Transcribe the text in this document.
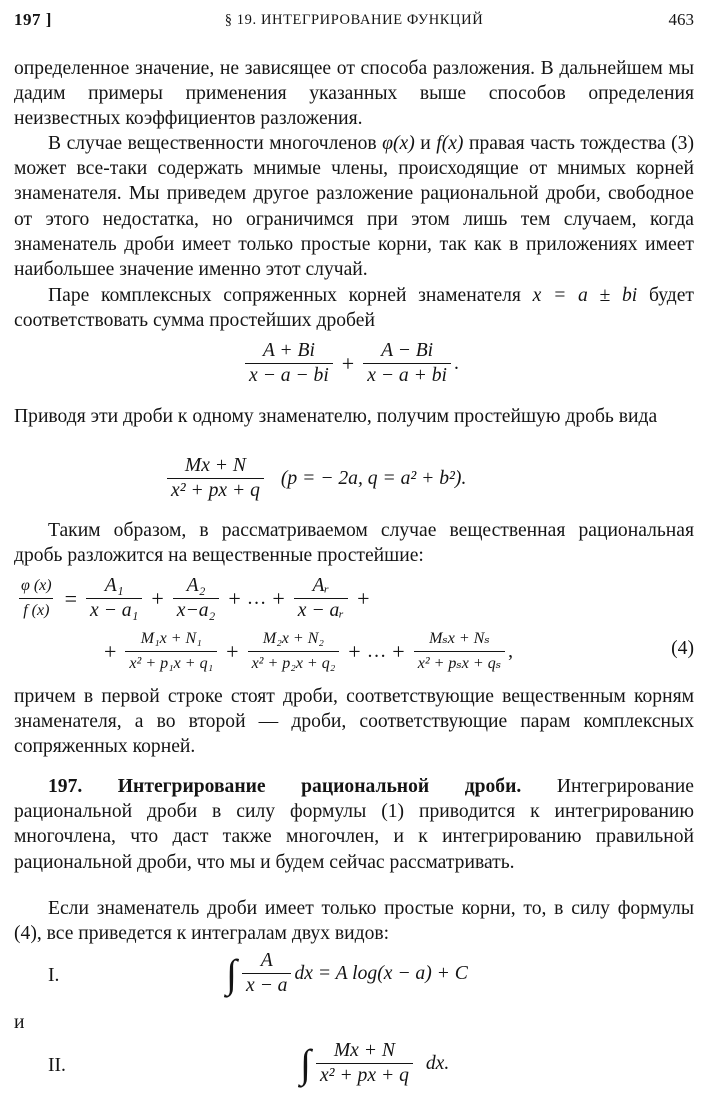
197 ]	§ 19. ИНТЕГРИРОВАНИЕ ФУНКЦИЙ	463

определенное значение, не зависящее от способа разложения. В дальнейшем мы дадим примеры применения указанных выше способов определения неизвестных коэффициентов разложения.

В случае вещественности многочленов φ(x) и f(x) правая часть тождества (3) может все-таки содержать мнимые члены, происходящие от мнимых корней знаменателя. Мы приведем другое разложение рациональной дроби, свободное от этого недостатка, но ограничимся при этом лишь тем случаем, когда знаменатель дроби имеет только простые корни, так как в приложениях имеет наибольшее значение именно этот случай.

Паре комплексных сопряженных корней знаменателя x = a ± bi будет соответствовать сумма простейших дробей

$\frac{A + Bi}{x - a - bi} + \frac{A - Bi}{x - a + bi}$ .

Приводя эти дроби к одному знаменателю, получим простейшую дробь вида

$\frac{Mx + N}{\text{x² + px + q}} (p$ = − 2a, q = a² + b²).

Таким образом, в рассматриваемом случае вещественная рациональная дробь разложится на вещественные простейшие:

$\frac{\varphi (x)}{f (x)} = \frac{\text{A₁}}{\text{x − a₁}} + \frac{\text{A₂}}{\text{x−a₂}}$ + … + $\frac{\text{Aᵣ}}{\text{x − aᵣ}}$ +
+ $\frac{\text{M₁x + N₁}}{\text{x² + p₁x + q₁}} + \frac{\text{M₂x + N₂}}{\text{x² + p₂x + q₂}}$ + … + $\frac{\text{Mₛx + Nₛ}}{\text{x² + pₛx + qₛ}}$ ,	(4)

причем в первой строке стоят дроби, соответствующие вещественным корням знаменателя, а во второй — дроби, соответствующие парам комплексных сопряженных корней.

197. Интегрирование рациональной дроби. Интегрирование рациональной дроби в силу формулы (1) приводится к интегрированию многочлена, что даст также многочлен, и к интегрированию правильной рациональной дроби, что мы и будем сейчас рассматривать.

Если знаменатель дроби имеет только простые корни, то, в силу формулы (4), все приведется к интегралам двух видов:

I.	∫ $\frac{A}{x - a}$ dx = A log(x − a) + C
и
II.	∫ $\frac{Mx + N}{\text{x² + px + q}}$ dx.
